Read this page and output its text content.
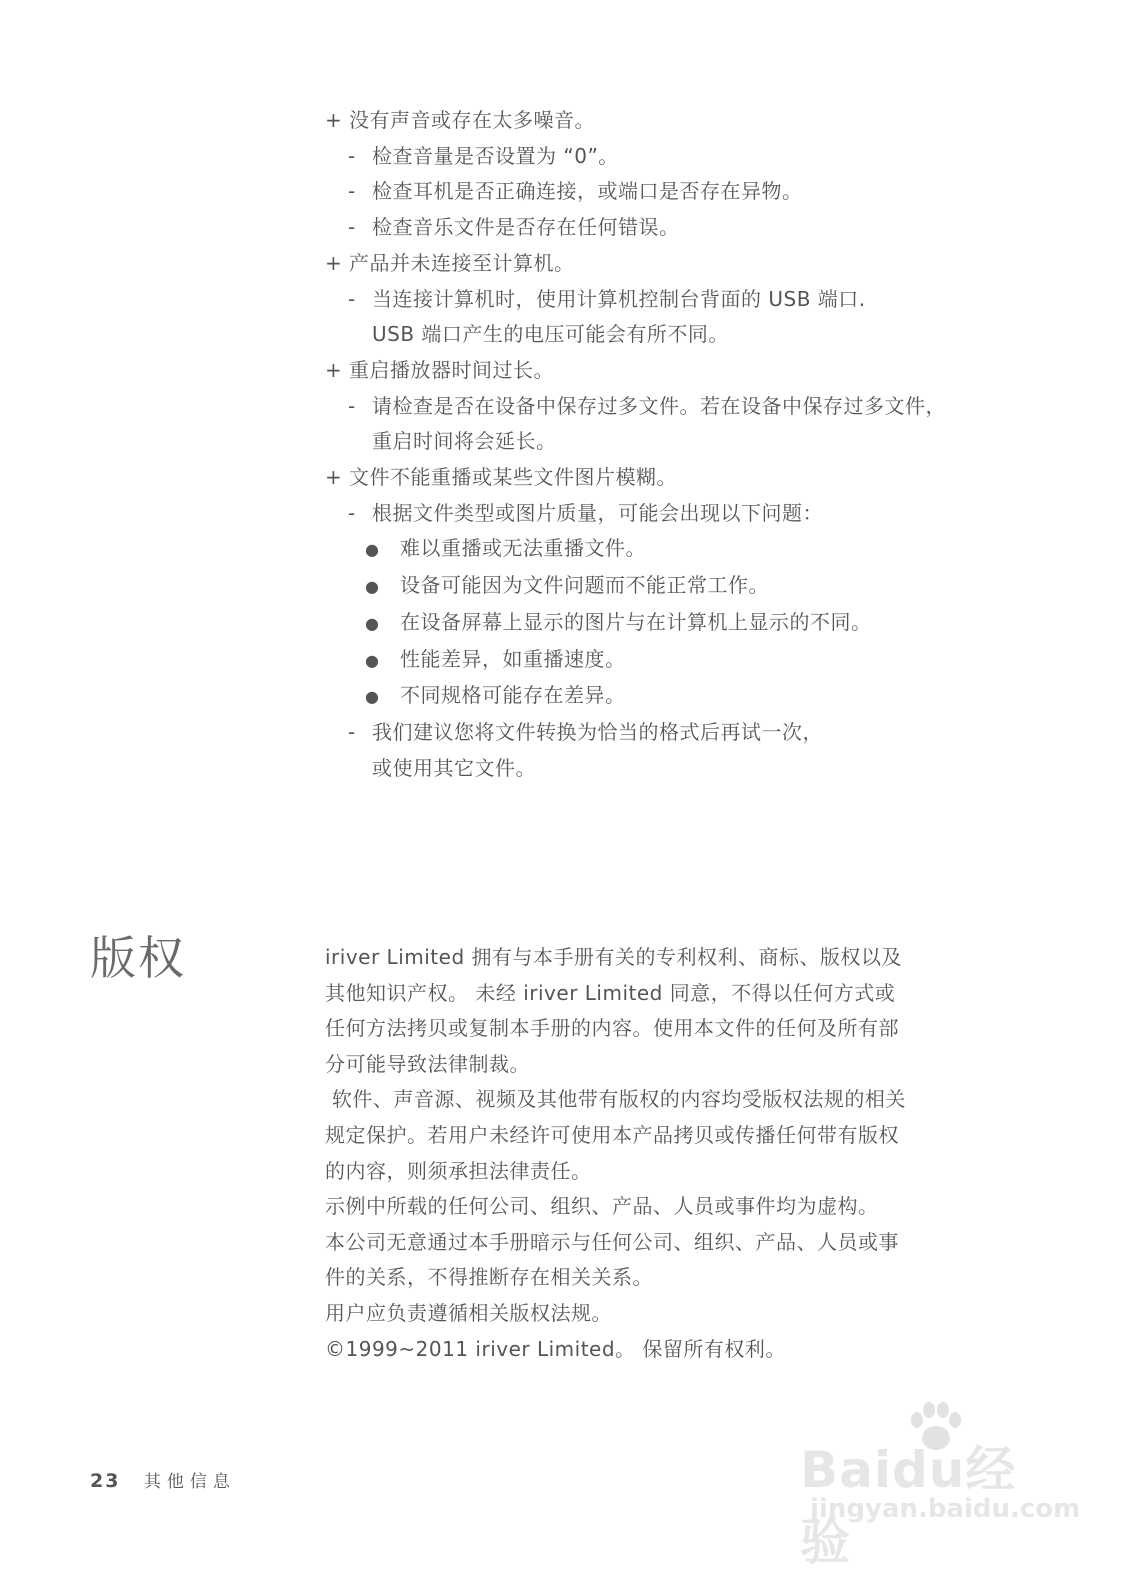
+ 没有声音或存在太多噪音。
- 检查音量是否设置为 “0”。
- 检查耳机是否正确连接，或端口是否存在异物。
- 检查音乐文件是否存在任何错误。
+ 产品并未连接至计算机。
- 当连接计算机时，使用计算机控制台背面的 USB 端口.
USB 端口产生的电压可能会有所不同。
+ 重启播放器时间过长。
- 请检查是否在设备中保存过多文件。若在设备中保存过多文件，
重启时间将会延长。
+ 文件不能重播或某些文件图片模糊。
- 根据文件类型或图片质量，可能会出现以下问题：
● 难以重播或无法重播文件。
● 设备可能因为文件问题而不能正常工作。
● 在设备屏幕上显示的图片与在计算机上显示的不同。
● 性能差异，如重播速度。
● 不同规格可能存在差异。
- 我们建议您将文件转换为恰当的格式后再试一次，
或使用其它文件。
版权	iriver Limited 拥有与本手册有关的专利权利、商标、版权以及
其他知识产权。 未经 iriver Limited 同意，不得以任何方式或
任何方法拷贝或复制本手册的内容。使用本文件的任何及所有部
分可能导致法律制裁。
软件、声音源、视频及其他带有版权的内容均受版权法规的相关
规定保护。若用户未经许可使用本产品拷贝或传播任何带有版权
的内容，则须承担法律责任。
示例中所载的任何公司、组织、产品、人员或事件均为虚构。
本公司无意通过本手册暗示与任何公司、组织、产品、人员或事
件的关系，不得推断存在相关关系。
用户应负责遵循相关版权法规。
©1999~2011 iriver Limited。 保留所有权利。
23 其他信息	Baidu经验
jingyan.baidu.com
